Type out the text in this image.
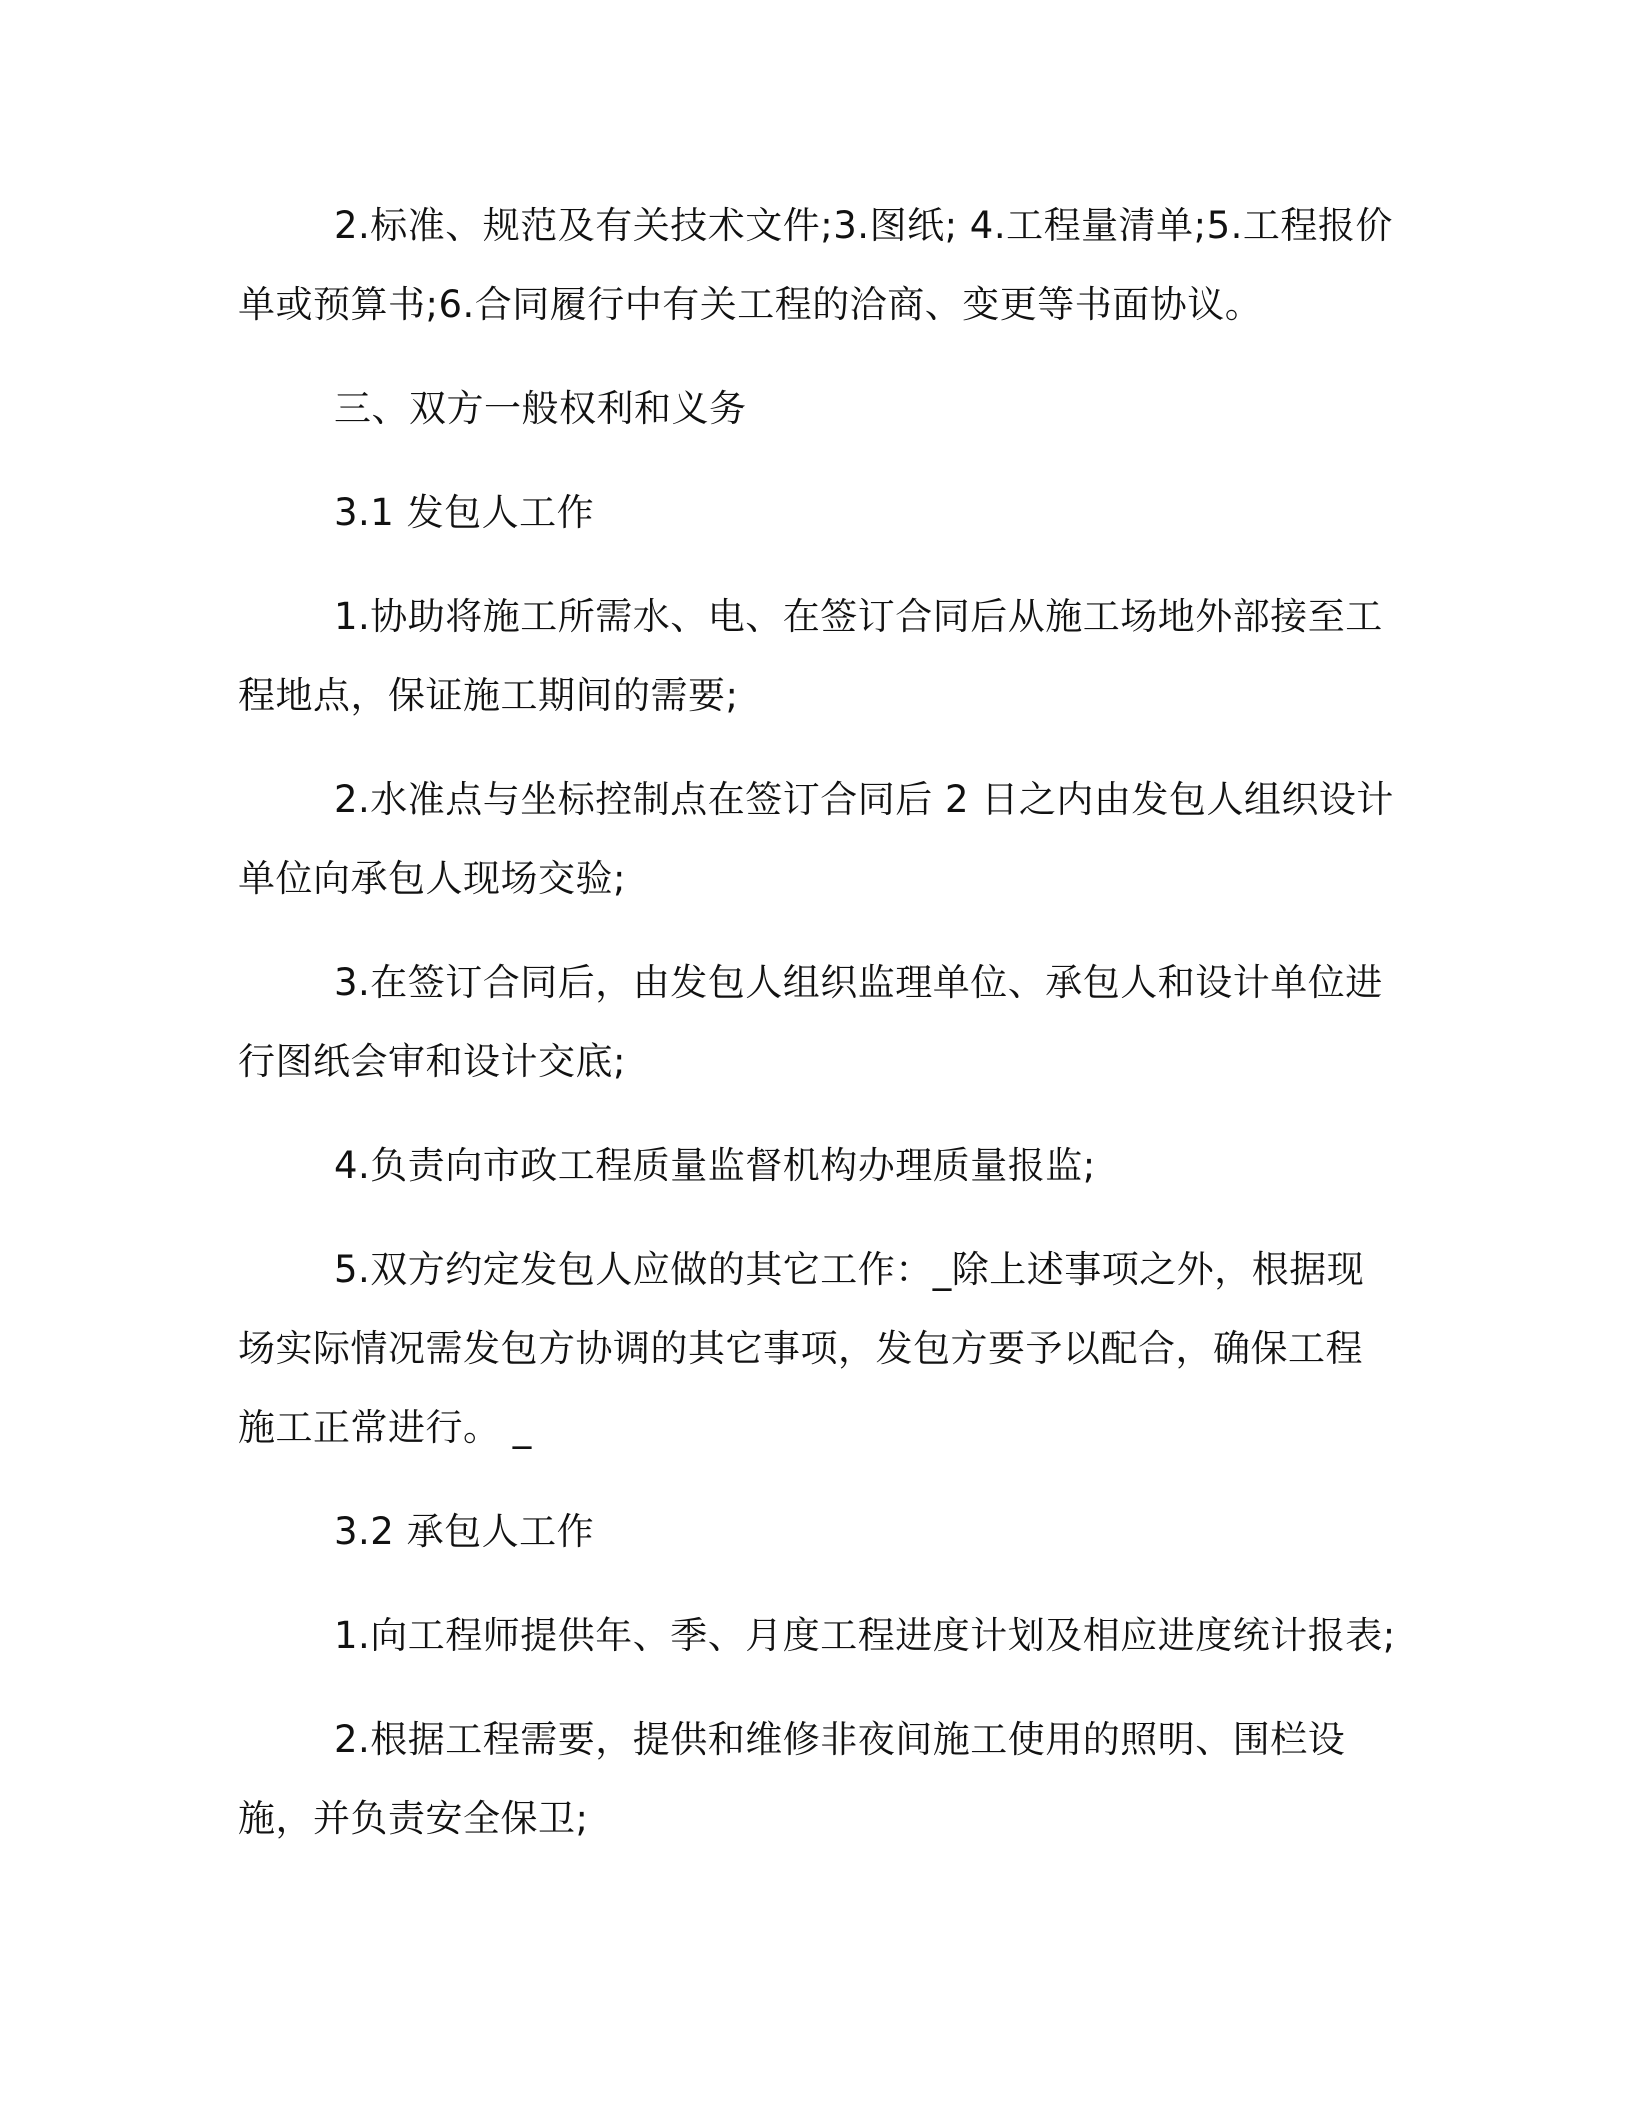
2.标准、规范及有关技术文件;3.图纸; 4.工程量清单;5.工程报价单或预算书;6.合同履行中有关工程的洽商、变更等书面协议。

三、双方一般权利和义务

3.1 发包人工作

1.协助将施工所需水、电、在签订合同后从施工场地外部接至工程地点，保证施工期间的需要;

2.水准点与坐标控制点在签订合同后 2 日之内由发包人组织设计单位向承包人现场交验;

3.在签订合同后，由发包人组织监理单位、承包人和设计单位进行图纸会审和设计交底;

4.负责向市政工程质量监督机构办理质量报监;

5.双方约定发包人应做的其它工作：_除上述事项之外，根据现场实际情况需发包方协调的其它事项，发包方要予以配合，确保工程施工正常进行。 _

3.2 承包人工作

1.向工程师提供年、季、月度工程进度计划及相应进度统计报表;

2.根据工程需要，提供和维修非夜间施工使用的照明、围栏设施，并负责安全保卫;
